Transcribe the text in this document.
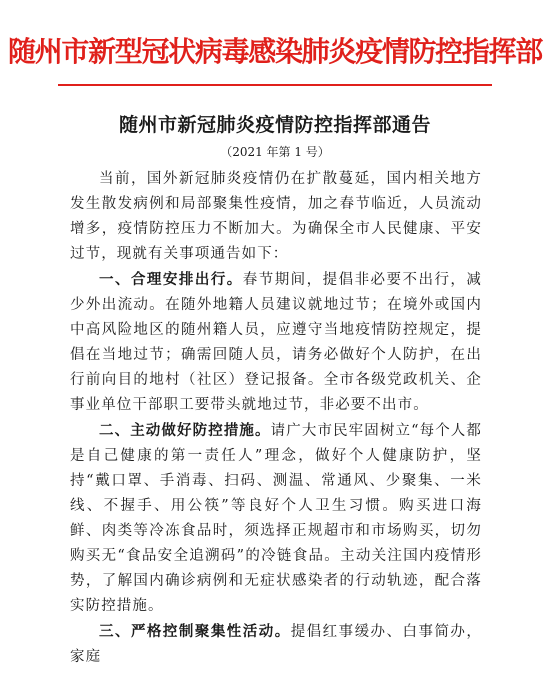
随州市新型冠状病毒感染肺炎疫情防控指挥部
随州市新冠肺炎疫情防控指挥部通告
（2021 年第 1 号）

当前，国外新冠肺炎疫情仍在扩散蔓延，国内相关地方发生散发病例和局部聚集性疫情，加之春节临近，人员流动增多，疫情防控压力不断加大。为确保全市人民健康、平安过节，现就有关事项通告如下：

一、合理安排出行。春节期间，提倡非必要不出行，减少外出流动。在随外地籍人员建议就地过节；在境外或国内中高风险地区的随州籍人员，应遵守当地疫情防控规定，提倡在当地过节；确需回随人员，请务必做好个人防护，在出行前向目的地村（社区）登记报备。全市各级党政机关、企事业单位干部职工要带头就地过节，非必要不出市。

二、主动做好防控措施。请广大市民牢固树立“每个人都是自己健康的第一责任人”理念，做好个人健康防护，坚持“戴口罩、手消毒、扫码、测温、常通风、少聚集、一米线、不握手、用公筷”等良好个人卫生习惯。购买进口海鲜、肉类等冷冻食品时，须选择正规超市和市场购买，切勿购买无“食品安全追溯码”的冷链食品。主动关注国内疫情形势，了解国内确诊病例和无症状感染者的行动轨迹，配合落实防控措施。

三、严格控制聚集性活动。提倡红事缓办、白事简办，家庭
